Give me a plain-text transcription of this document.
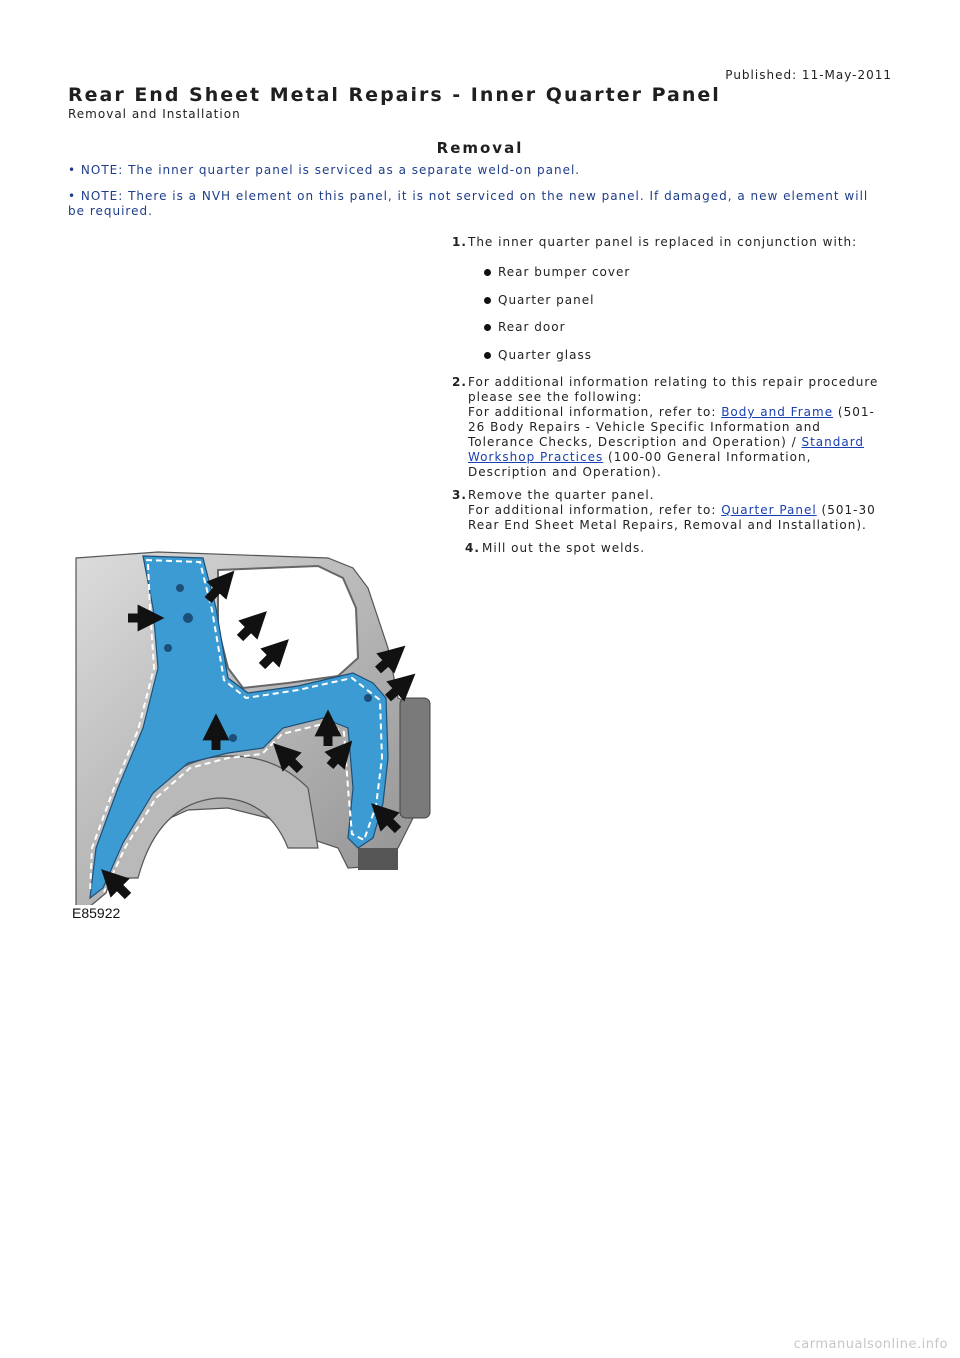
Published: 11-May-2011
Rear End Sheet Metal Repairs - Inner Quarter Panel
Removal and Installation
Removal
• NOTE: The inner quarter panel is serviced as a separate weld-on panel.
• NOTE: There is a NVH element on this panel, it is not serviced on the new panel. If damaged, a new element will be required.
1. The inner quarter panel is replaced in conjunction with:
Rear bumper cover
Quarter panel
Rear door
Quarter glass
2. For additional information relating to this repair procedure please see the following:
For additional information, refer to: Body and Frame (501-26 Body Repairs - Vehicle Specific Information and Tolerance Checks, Description and Operation) / Standard Workshop Practices (100-00 General Information, Description and Operation).
3. Remove the quarter panel.
For additional information, refer to: Quarter Panel (501-30 Rear End Sheet Metal Repairs, Removal and Installation).
4. Mill out the spot welds.
E85922
carmanualsonline.info
